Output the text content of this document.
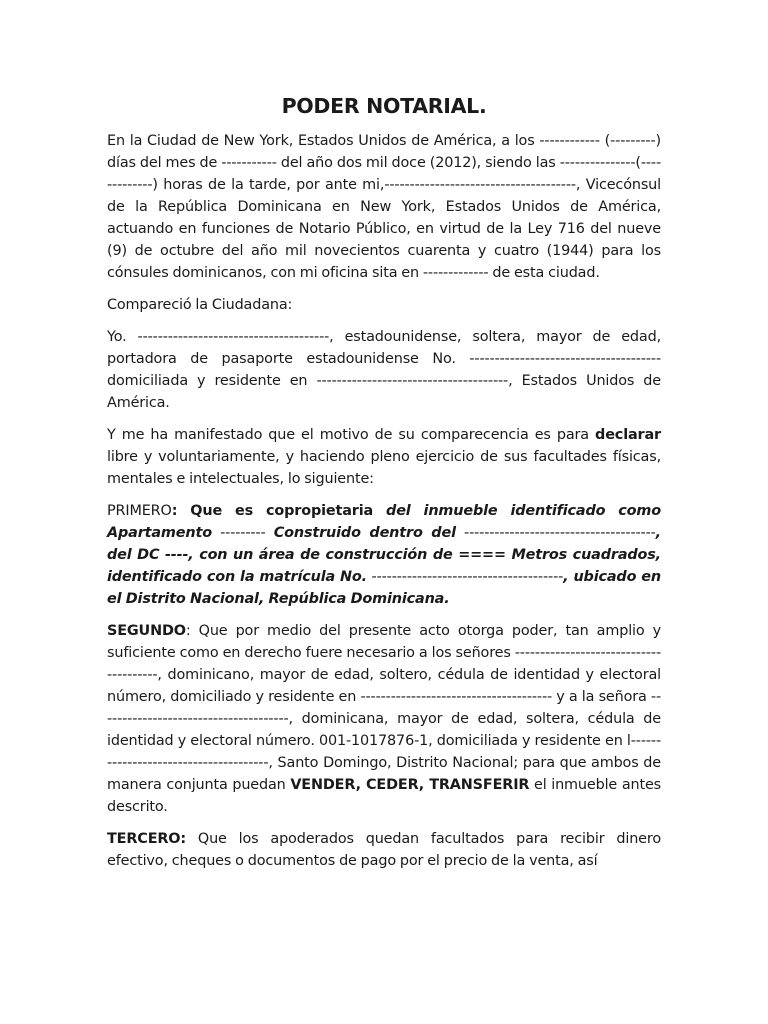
PODER NOTARIAL.

En la Ciudad de New York, Estados Unidos de América, a los ------------ (---------) días del mes de ----------- del año dos mil doce (2012), siendo las ---------------(-------------) horas de la tarde, por ante mi,--------------------------------------, Vicecónsul de la República Dominicana en New York, Estados Unidos de América, actuando en funciones de Notario Público, en virtud de la Ley 716 del nueve (9) de octubre del año mil novecientos cuarenta y cuatro (1944) para los cónsules dominicanos, con mi oficina sita en ------------- de esta ciudad.

Compareció la Ciudadana:

Yo. --------------------------------------, estadounidense, soltera, mayor de edad, portadora de pasaporte estadounidense No. -------------------------------------- domiciliada y residente en --------------------------------------, Estados Unidos de América.

Y me ha manifestado que el motivo de su comparecencia es para declarar libre y voluntariamente, y haciendo pleno ejercicio de sus facultades físicas, mentales e intelectuales, lo siguiente:

PRIMERO: Que es copropietaria del inmueble identificado como Apartamento --------- Construido dentro del --------------------------------------, del DC ----, con un área de construcción de ==== Metros cuadrados, identificado con la matrícula No. --------------------------------------, ubicado en el Distrito Nacional, República Dominicana.

SEGUNDO: Que por medio del presente acto otorga poder, tan amplio y suficiente como en derecho fuere necesario a los señores ---------------------------------------, dominicano, mayor de edad, soltero, cédula de identidad y electoral número, domiciliado y residente en -------------------------------------- y a la señora --------------------------------------, dominicana, mayor de edad, soltera, cédula de identidad y electoral número. 001-1017876-1, domiciliada y residente en l--------------------------------------, Santo Domingo, Distrito Nacional; para que ambos de manera conjunta puedan VENDER, CEDER, TRANSFERIR el inmueble antes descrito.

TERCERO: Que los apoderados quedan facultados para recibir dinero efectivo, cheques o documentos de pago por el precio de la venta, así
